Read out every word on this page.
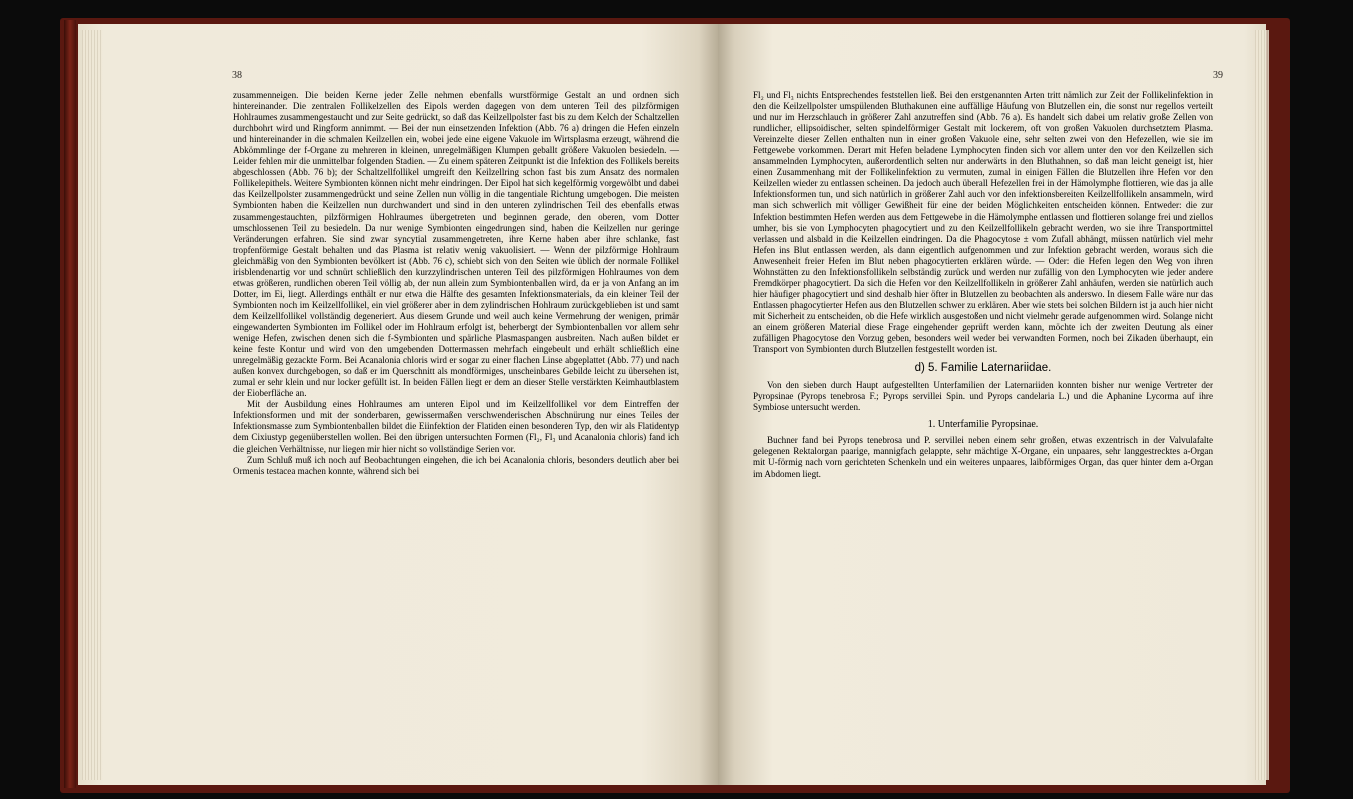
38	39

zusammenneigen. Die beiden Kerne jeder Zelle nehmen ebenfalls wurstförmige Gestalt an und ordnen sich hintereinander. Die zentralen Follikelzellen des Eipols werden dagegen von dem unteren Teil des pilzförmigen Hohlraumes zusammengestaucht und zur Seite gedrückt, so daß das Keilzellpolster fast bis zu dem Kelch der Schaltzellen durchbohrt wird und Ringform annimmt. — Bei der nun einsetzenden Infektion (Abb. 76 a) dringen die Hefen einzeln und hintereinander in die schmalen Keilzellen ein, wobei jede eine eigene Vakuole im Wirtsplasma erzeugt, während die Abkömmlinge der f-Organe zu mehreren in kleinen, unregelmäßigen Klumpen geballt größere Vakuolen besiedeln. — Leider fehlen mir die unmittelbar folgenden Stadien. — Zu einem späteren Zeitpunkt ist die Infektion des Follikels bereits abgeschlossen (Abb. 76 b); der Schaltzellfollikel umgreift den Keilzellring schon fast bis zum Ansatz des normalen Follikelepithels. Weitere Symbionten können nicht mehr eindringen. Der Eipol hat sich kegelförmig vorgewölbt und dabei das Keilzellpolster zusammengedrückt und seine Zellen nun völlig in die tangentiale Richtung umgebogen. Die meisten Symbionten haben die Keilzellen nun durchwandert und sind in den unteren zylindrischen Teil des ebenfalls etwas zusammengestauchten, pilzförmigen Hohlraumes übergetreten und beginnen gerade, den oberen, vom Dotter umschlossenen Teil zu besiedeln. Da nur wenige Symbionten eingedrungen sind, haben die Keilzellen nur geringe Veränderungen erfahren. Sie sind zwar syncytial zusammengetreten, ihre Kerne haben aber ihre schlanke, fast tropfenförmige Gestalt behalten und das Plasma ist relativ wenig vakuolisiert. — Wenn der pilzförmige Hohlraum gleichmäßig von den Symbionten bevölkert ist (Abb. 76 c), schiebt sich von den Seiten wie üblich der normale Follikel irisblendenartig vor und schnürt schließlich den kurzzylindrischen unteren Teil des pilzförmigen Hohlraumes von dem etwas größeren, rundlichen oberen Teil völlig ab, der nun allein zum Symbiontenballen wird, da er ja von Anfang an im Dotter, im Ei, liegt. Allerdings enthält er nur etwa die Hälfte des gesamten Infektionsmaterials, da ein kleiner Teil der Symbionten noch im Keilzellfollikel, ein viel größerer aber in dem zylindrischen Hohlraum zurückgeblieben ist und samt dem Keilzellfollikel vollständig degeneriert. Aus diesem Grunde und weil auch keine Vermehrung der wenigen, primär eingewanderten Symbionten im Follikel oder im Hohlraum erfolgt ist, beherbergt der Symbiontenballen vor allem sehr wenige Hefen, zwischen denen sich die f-Symbionten und spärliche Plasmaspangen ausbreiten. Nach außen bildet er keine feste Kontur und wird von den umgebenden Dottermassen mehrfach eingebeult und erhält schließlich eine unregelmäßig gezackte Form. Bei Acanalonia chloris wird er sogar zu einer flachen Linse abgeplattet (Abb. 77) und nach außen konvex durchgebogen, so daß er im Querschnitt als mondförmiges, unscheinbares Gebilde leicht zu übersehen ist, zumal er sehr klein und nur locker gefüllt ist. In beiden Fällen liegt er dem an dieser Stelle verstärkten Keimhautblastem der Eioberfläche an.

Mit der Ausbildung eines Hohlraumes am unteren Eipol und im Keilzellfollikel vor dem Eintreffen der Infektionsformen und mit der sonderbaren, gewissermaßen verschwenderischen Abschnürung nur eines Teiles der Infektionsmasse zum Symbiontenballen bildet die Eiinfektion der Flatiden einen besonderen Typ, den wir als Flatidentyp dem Cixiustyp gegenüberstellen wollen. Bei den übrigen untersuchten Formen (Fl₂, Fl₃ und Acanalonia chloris) fand ich die gleichen Verhältnisse, nur liegen mir hier nicht so vollständige Serien vor.

Zum Schluß muß ich noch auf Beobachtungen eingehen, die ich bei Acanalonia chloris, besonders deutlich aber bei Ormenis testacea machen konnte, während sich bei

Fl₂ und Fl₃ nichts Entsprechendes feststellen ließ. Bei den erstgenannten Arten tritt nämlich zur Zeit der Follikelinfektion in den die Keilzellpolster umspülenden Bluthakunen eine auffällige Häufung von Blutzellen ein, die sonst nur regellos verteilt und nur im Herzschlauch in größerer Zahl anzutreffen sind (Abb. 76 a). Es handelt sich dabei um relativ große Zellen von rundlicher, ellipsoidischer, selten spindelförmiger Gestalt mit lockerem, oft von großen Vakuolen durchsetztem Plasma. Vereinzelte dieser Zellen enthalten nun in einer großen Vakuole eine, sehr selten zwei von den Hefezellen, wie sie im Fettgewebe vorkommen. Derart mit Hefen beladene Lymphocyten finden sich vor allem unter den vor den Keilzellen sich ansammelnden Lymphocyten, außerordentlich selten nur anderwärts in den Bluthahnen, so daß man leicht geneigt ist, hier einen Zusammenhang mit der Follikelinfektion zu vermuten, zumal in einigen Fällen die Blutzellen ihre Hefen vor den Keilzellen wieder zu entlassen scheinen. Da jedoch auch überall Hefezellen frei in der Hämolymphe flottieren, wie das ja alle Infektionsformen tun, und sich natürlich in größerer Zahl auch vor den infektionsbereiten Keilzellfollikeln ansammeln, wird man sich schwerlich mit völliger Gewißheit für eine der beiden Möglichkeiten entscheiden können. Entweder: die zur Infektion bestimmten Hefen werden aus dem Fettgewebe in die Hämolymphe entlassen und flottieren solange frei und ziellos umher, bis sie von Lymphocyten phagocytiert und zu den Keilzellfollikeln gebracht werden, wo sie ihre Transportmittel verlassen und alsbald in die Keilzellen eindringen. Da die Phagocytose ± vom Zufall abhängt, müssen natürlich viel mehr Hefen ins Blut entlassen werden, als dann eigentlich aufgenommen und zur Infektion gebracht werden, woraus sich die Anwesenheit freier Hefen im Blut neben phagocytierten erklären würde. — Oder: die Hefen legen den Weg von ihren Wohnstätten zu den Infektionsfollikeln selbständig zurück und werden nur zufällig von den Lymphocyten wie jeder andere Fremdkörper phagocytiert. Da sich die Hefen vor den Keilzellfollikeln in größerer Zahl anhäufen, werden sie natürlich auch hier häufiger phagocytiert und sind deshalb hier öfter in Blutzellen zu beobachten als anderswo. In diesem Falle wäre nur das Entlassen phagocytierter Hefen aus den Blutzellen schwer zu erklären. Aber wie stets bei solchen Bildern ist ja auch hier nicht mit Sicherheit zu entscheiden, ob die Hefe wirklich ausgestoßen und nicht vielmehr gerade aufgenommen wird. Solange nicht an einem größeren Material diese Frage eingehender geprüft werden kann, möchte ich der zweiten Deutung als einer zufälligen Phagocytose den Vorzug geben, besonders weil weder bei verwandten Formen, noch bei Zikaden überhaupt, ein Transport von Symbionten durch Blutzellen festgestellt worden ist.

d) 5. Familie Laternariidae.

Von den sieben durch Haupt aufgestellten Unterfamilien der Laternariiden konnten bisher nur wenige Vertreter der Pyropsinae (Pyrops tenebrosa F.; Pyrops servillei Spin. und Pyrops candelaria L.) und die Aphanine Lycorma auf ihre Symbiose untersucht werden.

1. Unterfamilie Pyropsinae.

Buchner fand bei Pyrops tenebrosa und P. servillei neben einem sehr großen, etwas exzentrisch in der Valvulafalte gelegenen Rektalorgan paarige, mannigfach gelappte, sehr mächtige X-Organe, ein unpaares, sehr langgestrecktes a-Organ mit U-förmig nach vorn gerichteten Schenkeln und ein weiteres unpaares, laibförmiges Organ, das quer hinter dem a-Organ im Abdomen liegt.
